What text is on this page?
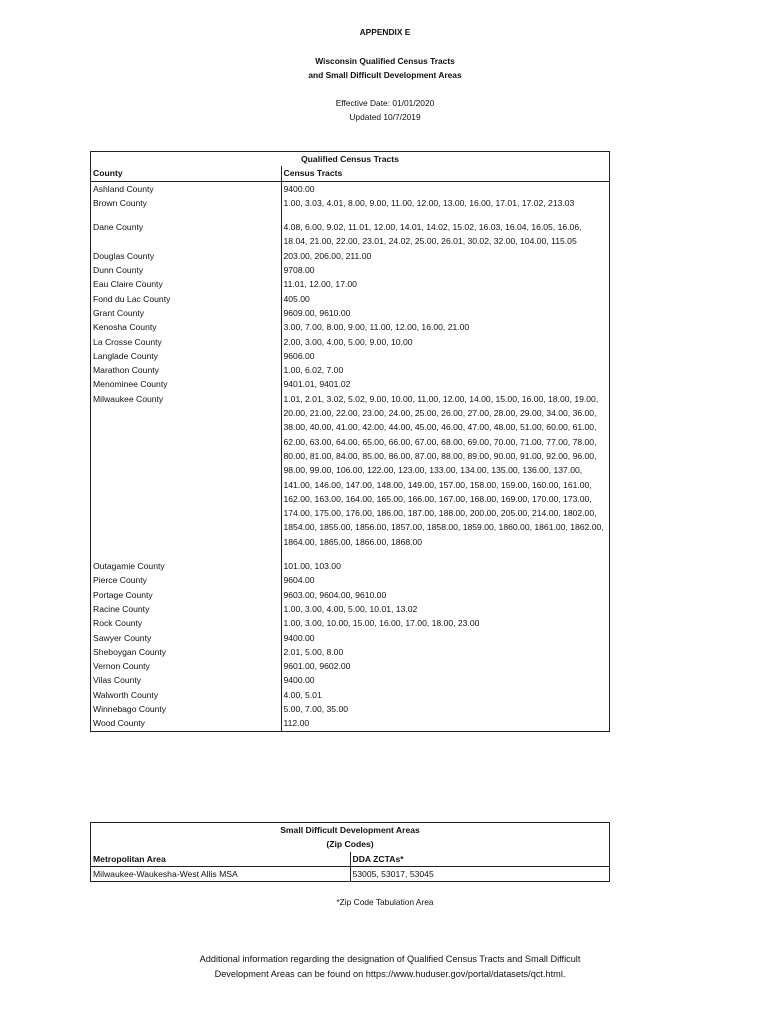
APPENDIX E
Wisconsin Qualified Census Tracts
and Small Difficult Development Areas
Effective Date: 01/01/2020
Updated 10/7/2019
	Qualified Census Tracts
County	Census Tracts
Ashland County	9400.00
Brown County	1.00, 3.03, 4.01, 8.00, 9.00, 11.00, 12.00, 13.00, 16.00, 17.01, 17.02, 213.03

Dane County	4.08, 6.00, 9.02, 11.01, 12.00, 14.01, 14.02, 15.02, 16.03, 16.04, 16.05, 16.06, 18.04, 21.00, 22.00, 23.01, 24.02, 25.00, 26.01, 30.02, 32.00, 104.00, 115.05
Douglas County	203.00, 206.00, 211.00
Dunn County	9708.00
Eau Claire County	11.01, 12.00, 17.00
Fond du Lac County	405.00
Grant County	9609.00, 9610.00
Kenosha County	3.00, 7.00, 8.00, 9.00, 11.00, 12.00, 16.00, 21.00
La Crosse County	2.00, 3.00, 4.00, 5.00, 9.00, 10.00
Langlade County	9606.00
Marathon County	1.00, 6.02, 7.00
Menominee County	9401.01, 9401.02
Milwaukee County	1.01, 2.01, 3.02, 5.02, 9.00, 10.00, 11.00, 12.00, 14.00, 15.00, 16.00, 18.00, 19.00, 20.00, 21.00, 22.00, 23.00, 24.00, 25.00, 26.00, 27.00, 28.00, 29.00, 34.00, 36.00, 38.00, 40.00, 41.00, 42.00, 44.00, 45.00, 46.00, 47.00, 48.00, 51.00, 60.00, 61.00, 62.00, 63.00, 64.00, 65.00, 66.00, 67.00, 68.00, 69.00, 70.00, 71.00, 77.00, 78.00, 80.00, 81.00, 84.00, 85.00, 86.00, 87.00, 88.00, 89.00, 90.00, 91.00, 92.00, 96.00, 98.00, 99.00, 106.00, 122.00, 123.00, 133.00, 134.00, 135.00, 136.00, 137.00, 141.00, 146.00, 147.00, 148.00, 149.00, 157.00, 158.00, 159.00, 160.00, 161.00, 162.00, 163.00, 164.00, 165.00, 166.00, 167.00, 168.00, 169.00, 170.00, 173.00, 174.00, 175.00, 176.00, 186.00, 187.00, 188.00, 200.00, 205.00, 214.00, 1802.00, 1854.00, 1855.00, 1856.00, 1857.00, 1858.00, 1859.00, 1860.00, 1861.00, 1862.00, 1864.00, 1865.00, 1866.00, 1868.00

Outagamie County	101.00, 103.00
Pierce County	9604.00
Portage County	9603.00, 9604.00, 9610.00
Racine County	1.00, 3.00, 4.00, 5.00, 10.01, 13.02
Rock County	1.00, 3.00, 10.00, 15.00, 16.00, 17.00, 18.00, 23.00
Sawyer County	9400.00
Sheboygan County	2.01, 5.00, 8.00
Vernon County	9601.00, 9602.00
Vilas County	9400.00
Walworth County	4.00, 5.01
Winnebago County	5.00, 7.00, 35.00
Wood County	112.00
Small Difficult Development Areas
(Zip Codes)	

Metropolitan Area	DDA ZCTAs*
Milwaukee-Waukesha-West Allis MSA	53005, 53017, 53045
*Zip Code Tabulation Area
Additional information regarding the designation of Qualified Census Tracts and Small Difficult
Development Areas can be found on https://www.huduser.gov/portal/datasets/qct.html.
